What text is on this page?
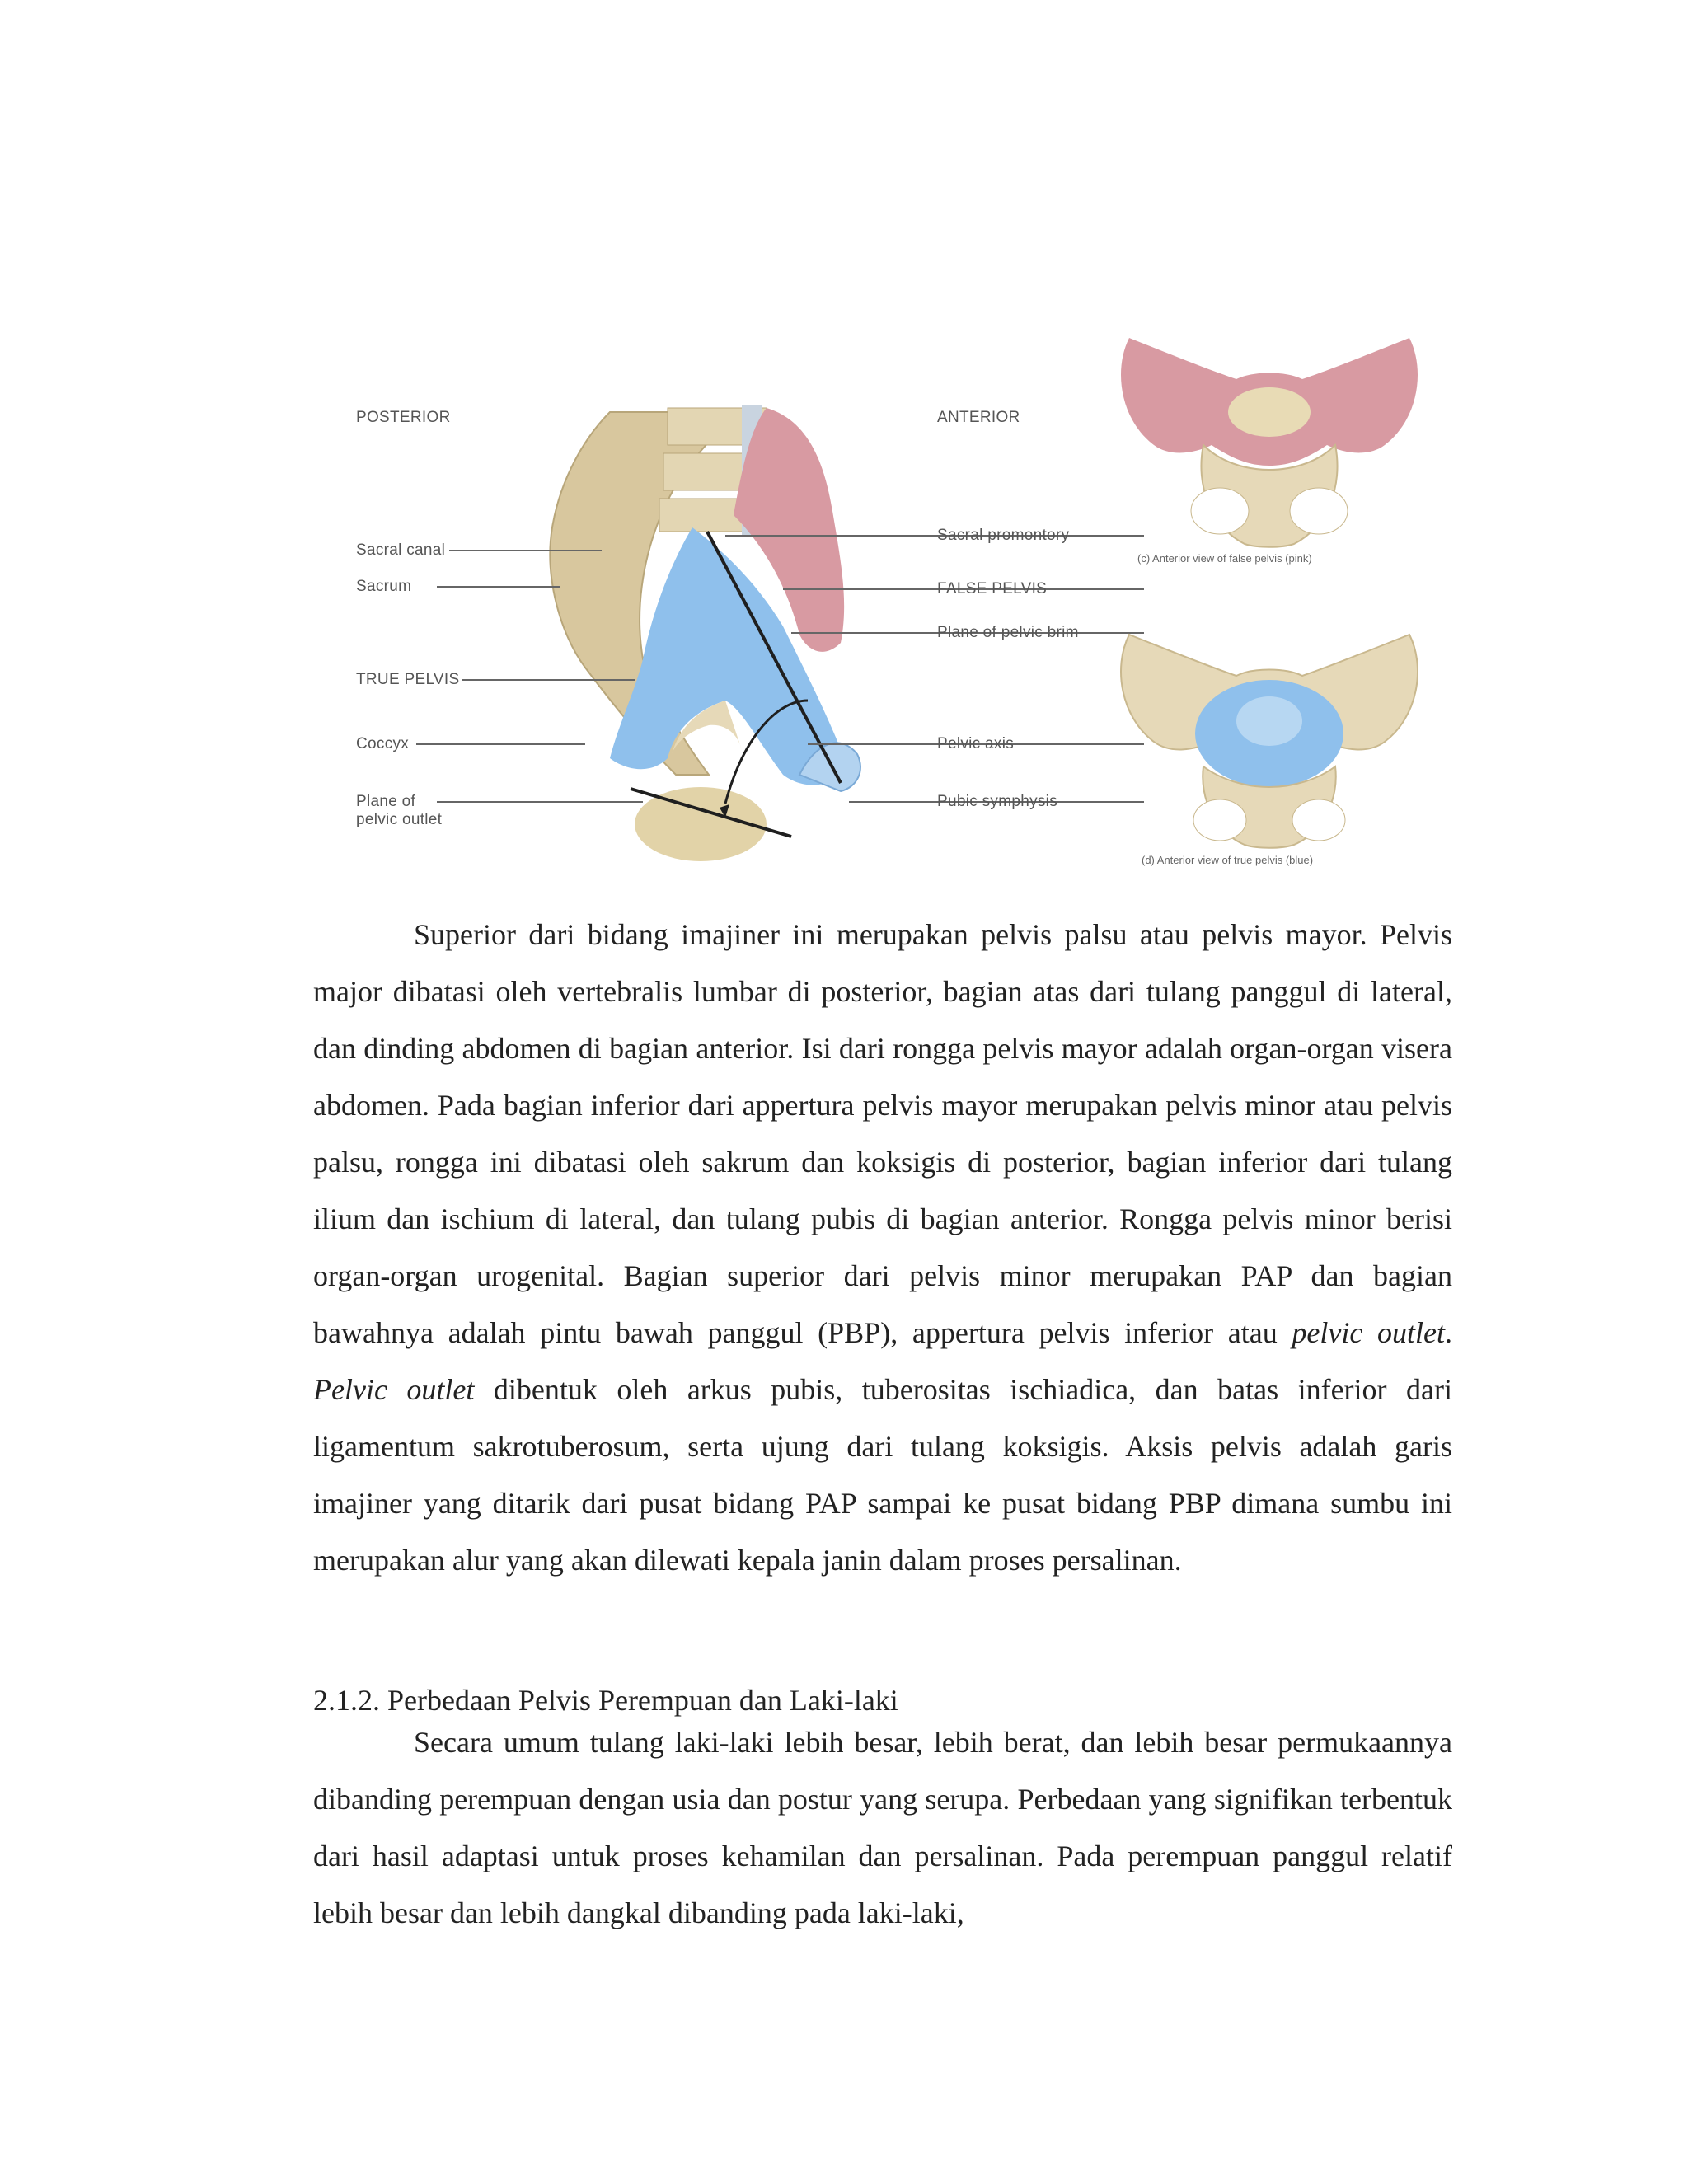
POSTERIOR	ANTERIOR
Sacral canal
Sacrum
TRUE PELVIS
Coccyx
Plane of
pelvic outlet
Sacral promontory
FALSE PELVIS
Plane of pelvic brim
Pelvic axis
Pubic symphysis
(c) Anterior view of false pelvis (pink)
(d) Anterior view of true pelvis (blue)

Superior dari bidang imajiner ini merupakan pelvis palsu atau pelvis mayor. Pelvis major dibatasi oleh vertebralis lumbar di posterior, bagian atas dari tulang panggul di lateral, dan dinding abdomen di bagian anterior. Isi dari rongga pelvis mayor adalah organ-organ visera abdomen. Pada bagian inferior dari appertura pelvis mayor merupakan pelvis minor atau pelvis palsu, rongga ini dibatasi oleh sakrum dan koksigis di posterior, bagian inferior dari tulang ilium dan ischium di lateral, dan tulang pubis di bagian anterior. Rongga pelvis minor berisi organ-organ urogenital. Bagian superior dari pelvis minor merupakan PAP dan bagian bawahnya adalah pintu bawah panggul (PBP), appertura pelvis inferior atau pelvic outlet. Pelvic outlet dibentuk oleh arkus pubis, tuberositas ischiadica, dan batas inferior dari ligamentum sakrotuberosum, serta ujung dari tulang koksigis. Aksis pelvis adalah garis imajiner yang ditarik dari pusat bidang PAP sampai ke pusat bidang PBP dimana sumbu ini merupakan alur yang akan dilewati kepala janin dalam proses persalinan.

2.1.2. Perbedaan Pelvis Perempuan dan Laki-laki

Secara umum tulang laki-laki lebih besar, lebih berat, dan lebih besar permukaannya dibanding perempuan dengan usia dan postur yang serupa. Perbedaan yang signifikan terbentuk dari hasil adaptasi untuk proses kehamilan dan persalinan. Pada perempuan panggul relatif lebih besar dan lebih dangkal dibanding pada laki-laki,
